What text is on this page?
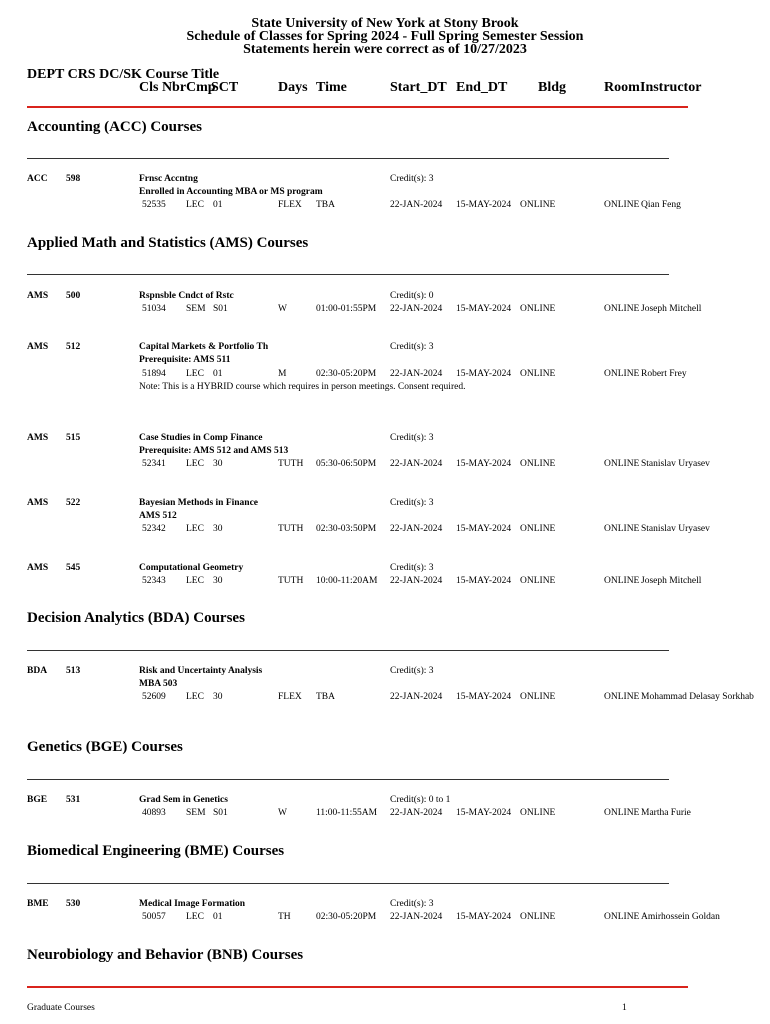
State University of New York at Stony Brook
Schedule of Classes for Spring 2024 - Full Spring Semester Session
Statements herein were correct as of 10/27/2023
DEPT CRS DC/SK Course Title
Cls Nbr Cmp
SCT	Days Time	Start_DT End_DT Bldg	Room Instructor
Accounting (ACC) Courses
ACC 598	Frnsc Accntng	Credit(s): 3
Enrolled in Accounting MBA or MS program
52535 LEC 01	FLEX TBA	22-JAN-2024 15-MAY-2024 ONLINE	ONLINE Qian Feng
Applied Math and Statistics (AMS) Courses
AMS 500	Rspnsble Cndct of Rstc	Credit(s): 0
51034 SEM S01	W	01:00-01:55PM 22-JAN-2024 15-MAY-2024 ONLINE	ONLINE Joseph Mitchell
AMS 512	Capital Markets & Portfolio Th	Credit(s): 3
Prerequisite: AMS 511
51894 LEC 01	M	02:30-05:20PM 22-JAN-2024 15-MAY-2024 ONLINE	ONLINE Robert Frey
Note: This is a HYBRID course which requires in person meetings. Consent required.
AMS 515	Case Studies in Comp Finance	Credit(s): 3
Prerequisite: AMS 512 and AMS 513
52341 LEC 30	TUTH 05:30-06:50PM 22-JAN-2024 15-MAY-2024 ONLINE	ONLINE Stanislav Uryasev
AMS 522	Bayesian Methods in Finance	Credit(s): 3
AMS 512
52342 LEC 30	TUTH 02:30-03:50PM 22-JAN-2024 15-MAY-2024 ONLINE	ONLINE Stanislav Uryasev
AMS 545	Computational Geometry	Credit(s): 3
52343 LEC 30	TUTH 10:00-11:20AM 22-JAN-2024 15-MAY-2024 ONLINE	ONLINE Joseph Mitchell
Decision Analytics (BDA) Courses
BDA 513	Risk and Uncertainty Analysis	Credit(s): 3
MBA 503
52609 LEC 30	FLEX TBA	22-JAN-2024 15-MAY-2024 ONLINE	ONLINE Mohammad Delasay Sorkhab
Genetics (BGE) Courses
BGE 531	Grad Sem in Genetics	Credit(s): 0 to 1
40893 SEM S01	W	11:00-11:55AM 22-JAN-2024 15-MAY-2024 ONLINE	ONLINE Martha Furie
Biomedical Engineering (BME) Courses
BME 530	Medical Image Formation	Credit(s): 3
50057 LEC 01	TH	02:30-05:20PM 22-JAN-2024 15-MAY-2024 ONLINE	ONLINE Amirhossein Goldan
Neurobiology and Behavior (BNB) Courses
Graduate Courses	1
